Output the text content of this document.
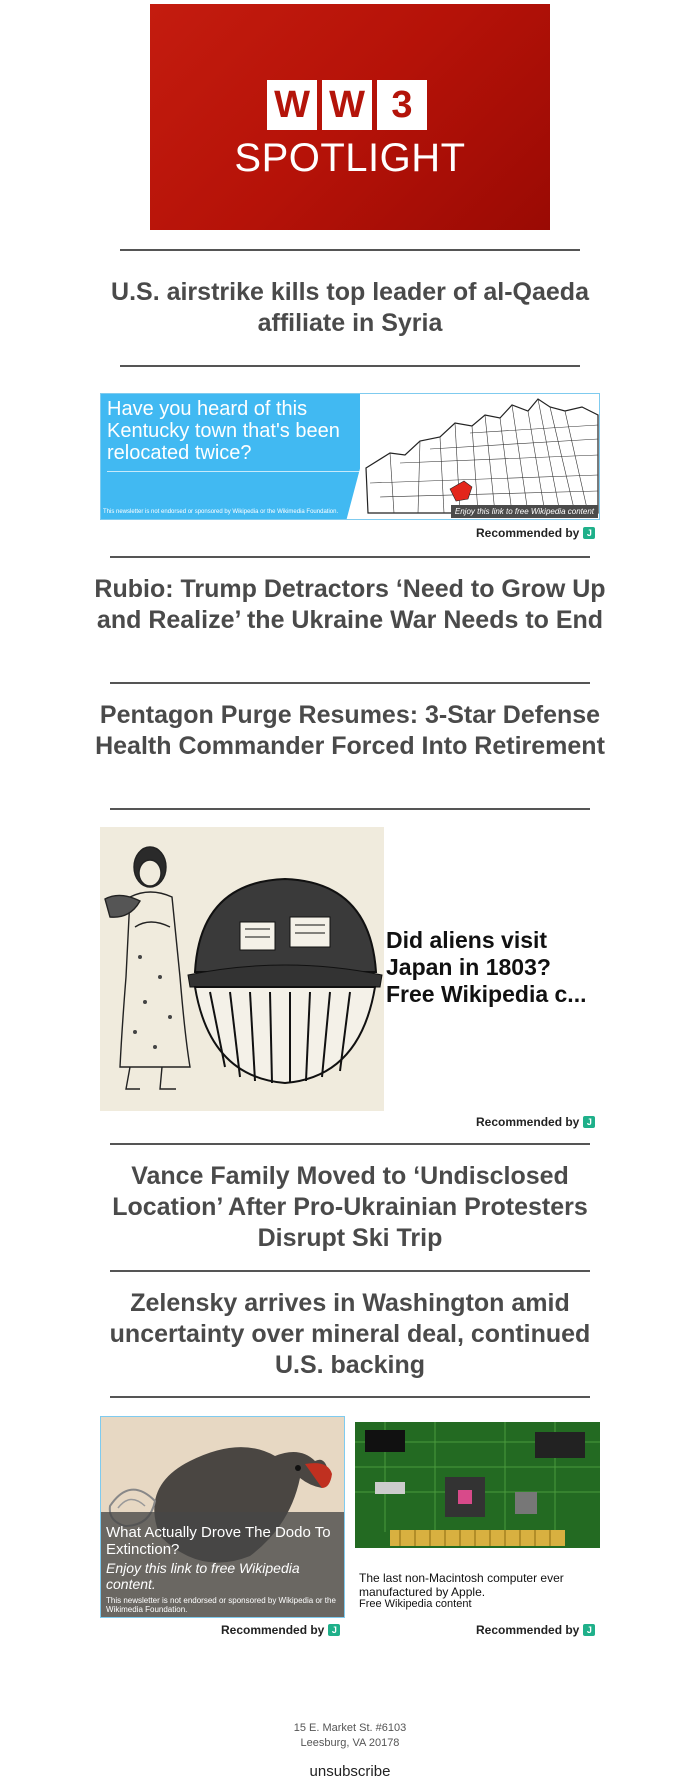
W W 3
SPOTLIGHT
U.S. airstrike kills top leader of al-Qaeda affiliate in Syria
Have you heard of this Kentucky town that's been relocated twice?
This newsletter is not endorsed or sponsored by Wikipedia or the Wikimedia Foundation.	Enjoy this link to free Wikipedia content
Recommended by J
Rubio: Trump Detractors ‘Need to Grow Up and Realize’ the Ukraine War Needs to End
Pentagon Purge Resumes: 3-Star Defense Health Commander Forced Into Retirement
Did aliens visit Japan in 1803? Free Wikipedia c...
Recommended by J
Vance Family Moved to ‘Undisclosed Location’ After Pro-Ukrainian Protesters Disrupt Ski Trip
Zelensky arrives in Washington amid uncertainty over mineral deal, continued U.S. backing
What Actually Drove The Dodo To Extinction?
Enjoy this link to free Wikipedia content.
This newsletter is not endorsed or sponsored by Wikipedia or the Wikimedia Foundation.
Recommended by J
The last non-Macintosh computer ever manufactured by Apple.
Free Wikipedia content
Recommended by J
15 E. Market St. #6103
Leesburg, VA 20178
unsubscribe
